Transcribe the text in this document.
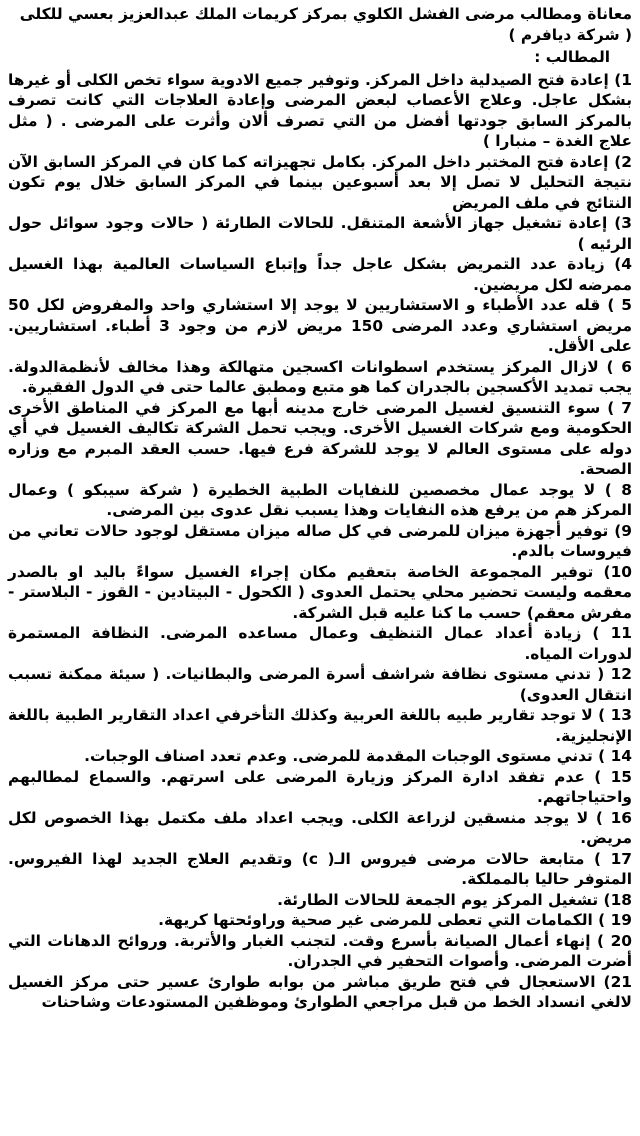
معاناة ومطالب مرضى الفشل الكلوي بمركز كريمات الملك عبدالعزيز بعسي للكلى ( شركة ديافرم )

المطالب :

1) إعادة فتح الصيدلية داخل المركز. وتوفير جميع الادوية سواء تخص الكلى أو غيرها بشكل عاجل. وعلاج الأعصاب لبعض المرضى وإعادة العلاجات التي كانت تصرف بالمركز السابق جودتها أفضل من التي تصرف ألان وأثرت على المرضى . ( مثل علاج الغدة – منبارا )

2) إعادة فتح المختبر داخل المركز. بكامل تجهيزاته كما كان في المركز السابق الآن نتيجة التحليل لا تصل إلا بعد أسبوعين بينما في المركز السابق خلال يوم تكون النتائج في ملف المريض

3) إعادة تشغيل جهاز الأشعة المتنقل. للحالات الطارئة ( حالات وجود سوائل حول الرئيه )

4) زيادة عدد التمريض بشكل عاجل جداً وإتباع السياسات العالمية بهذا الغسيل ممرضه لكل مريضين.

5 ) قله عدد الأطباء و الاستشاريين لا يوجد إلا استشاري واحد والمفروض لكل 50 مريض استشاري وعدد المرضى 150 مريض لازم من وجود 3 أطباء. استشاريين. على الأقل.

6 ) لازال المركز يستخدم اسطوانات اكسجين متهالكة وهذا مخالف لأنظمةالدولة. يجب تمديد الأكسجين بالجدران كما هو متبع ومطبق عالما حتى في الدول الفقيرة.

7 ) سوء التنسيق لغسيل المرضى خارج مدينه أبها مع المركز في المناطق الأخرى الحكومية ومع شركات الغسيل الأخرى. ويجب تحمل الشركة تكاليف الغسيل في أي دوله على مستوى العالم لا يوجد للشركة فرع فيها. حسب العقد المبرم مع وزاره الصحة.

8 ) لا يوجد عمال مخصصين للنفايات الطبية الخطيرة ( شركة سيبكو ) وعمال المركز هم من يرفع هذه النفايات وهذا يسبب نقل عدوى بين المرضى.

9) توفير أجهزة ميزان للمرضى في كل صاله ميزان مستقل لوجود حالات تعاني من فيروسات بالدم.

10) توفير المجموعة الخاصة بتعقيم مكان إجراء الغسيل سواءً باليد او بالصدر معقمه وليست تحضير محلي يحتمل العدوى ( الكحول - البيتادين - القوز - البلاستر - مفرش معقم) حسب ما كنا عليه قبل الشركة.

11 ) زيادة أعداد عمال التنظيف وعمال مساعده المرضى. النظافة المستمرة لدورات المياه.

12 ( تدني مستوى نظافة شراشف أسرة المرضى والبطانيات. ( سيئة ممكنة تسبب انتقال العدوى)

13 ) لا توجد تقارير طبيه باللغة العربية وكذلك التأخرفي اعداد التقارير الطبية باللغة الإنجليزية.

14 ) تدني مستوى الوجبات المقدمة للمرضى. وعدم تعدد اصناف الوجبات.

15 ) عدم تفقد ادارة المركز وزيارة المرضى على اسرتهم. والسماع لمطالبهم واحتياجاتهم.

16 ) لا يوجد منسقين لزراعة الكلى. ويجب اعداد ملف مكتمل بهذا الخصوص لكل مريض.

17 ) متابعة حالات مرضى فيروس الـ( c) وتقديم العلاج الجديد لهذا الفيروس. المتوفر حاليا بالمملكة.

18) تشغيل المركز يوم الجمعة للحالات الطارئة.

19 ) الكمامات التي تعطى للمرضى غير صحية وراوئحتها كريهة.

20 ) إنهاء أعمال الصيانة بأسرع وقت. لتجنب الغبار والأتربة. وروائح الدهانات التي أضرت المرضى. وأصوات التحفير في الجدران.

21) الاستعجال في فتح طريق مباشر من بوابه طوارئ عسير حتى مركز الغسيل لالغي انسداد الخط من قبل مراجعي الطوارئ وموظفين المستودعات وشاحنات
